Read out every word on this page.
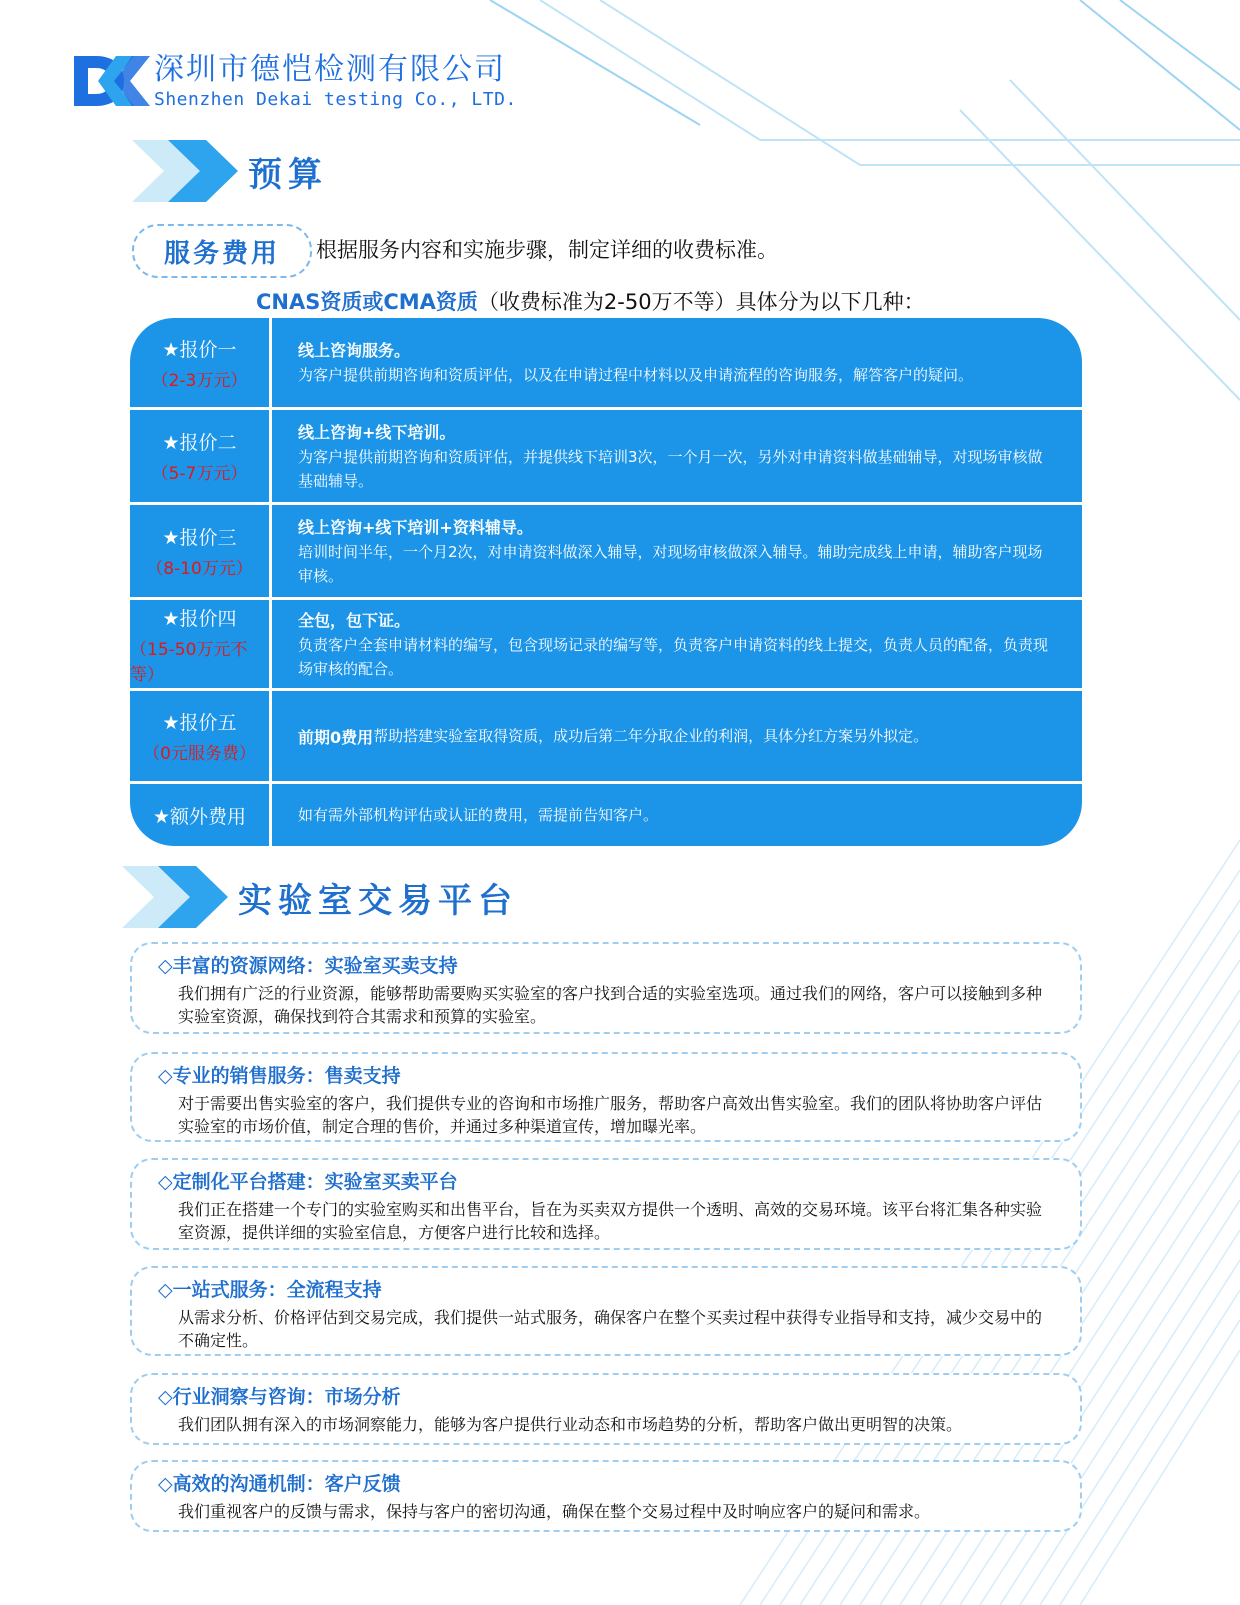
深圳市德恺检测有限公司
Shenzhen Dekai testing Co., LTD.
预算
服务费用	根据服务内容和实施步骤，制定详细的收费标准。
CNAS资质或CMA资质（收费标准为2-50万不等）具体分为以下几种：
★报价一
（2-3万元）
线上咨询服务。
为客户提供前期咨询和资质评估，以及在申请过程中材料以及申请流程的咨询服务，解答客户的疑问。
★报价二
（5-7万元）
线上咨询+线下培训。
为客户提供前期咨询和资质评估，并提供线下培训3次，一个月一次，另外对申请资料做基础辅导，对现场审核做基础辅导。
★报价三
（8-10万元）
线上咨询+线下培训+资料辅导。
培训时间半年，一个月2次，对申请资料做深入辅导，对现场审核做深入辅导。辅助完成线上申请，辅助客户现场审核。
★报价四
（15-50万元不等）
全包，包下证。
负责客户全套申请材料的编写，包含现场记录的编写等，负责客户申请资料的线上提交，负责人员的配备，负责现场审核的配合。
★报价五
（0元服务费）
前期0费用 帮助搭建实验室取得资质，成功后第二年分取企业的利润，具体分红方案另外拟定。
★额外费用	如有需外部机构评估或认证的费用，需提前告知客户。
实验室交易平台
◇丰富的资源网络：实验室买卖支持
我们拥有广泛的行业资源，能够帮助需要购买实验室的客户找到合适的实验室选项。通过我们的网络，客户可以接触到多种实验室资源，确保找到符合其需求和预算的实验室。
◇专业的销售服务：售卖支持
对于需要出售实验室的客户，我们提供专业的咨询和市场推广服务，帮助客户高效出售实验室。我们的团队将协助客户评估实验室的市场价值，制定合理的售价，并通过多种渠道宣传，增加曝光率。
◇定制化平台搭建：实验室买卖平台
我们正在搭建一个专门的实验室购买和出售平台，旨在为买卖双方提供一个透明、高效的交易环境。该平台将汇集各种实验室资源，提供详细的实验室信息，方便客户进行比较和选择。
◇一站式服务：全流程支持
从需求分析、价格评估到交易完成，我们提供一站式服务，确保客户在整个买卖过程中获得专业指导和支持，减少交易中的不确定性。
◇行业洞察与咨询：市场分析
我们团队拥有深入的市场洞察能力，能够为客户提供行业动态和市场趋势的分析，帮助客户做出更明智的决策。
◇高效的沟通机制：客户反馈
我们重视客户的反馈与需求，保持与客户的密切沟通，确保在整个交易过程中及时响应客户的疑问和需求。
